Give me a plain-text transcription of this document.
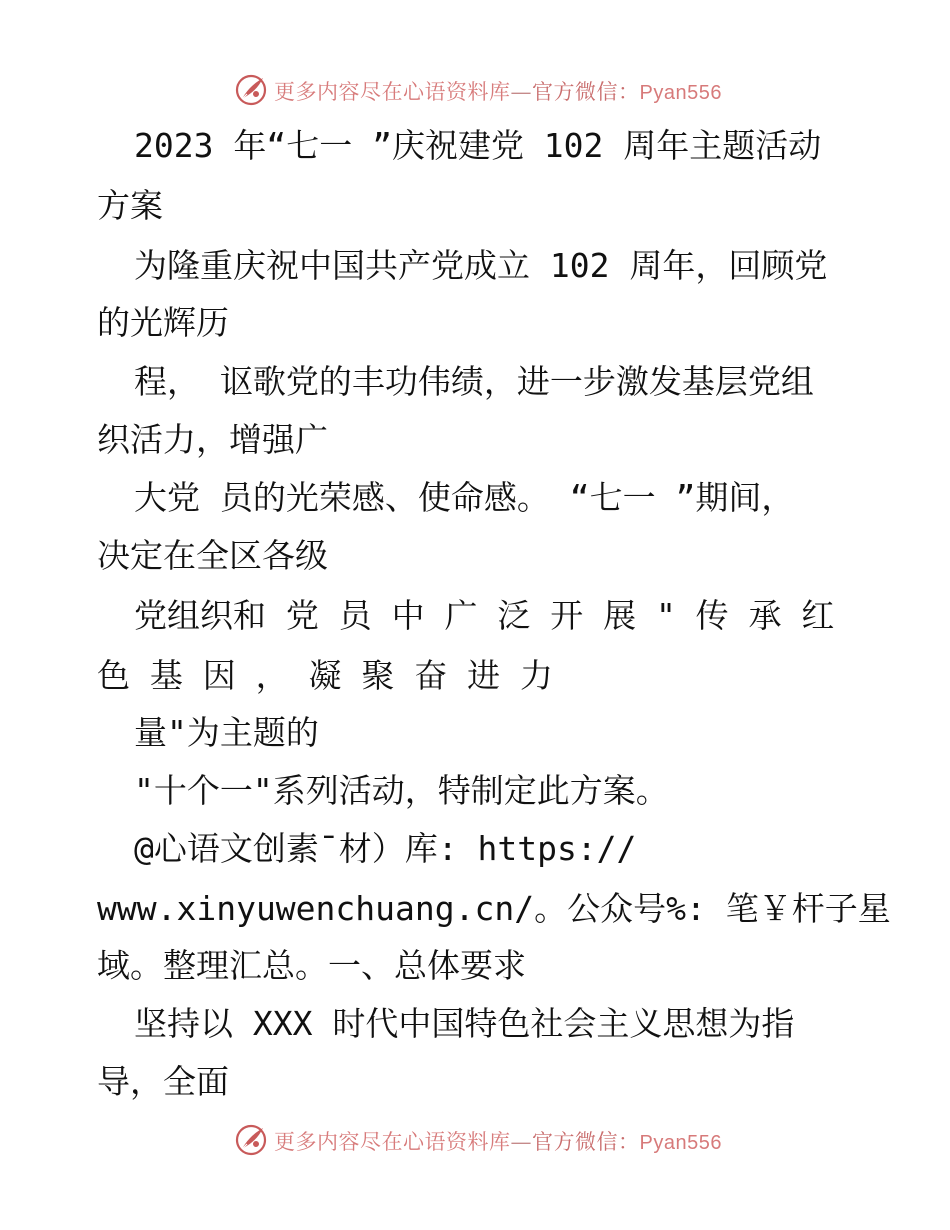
更多内容尽在心语资料库—官方微信：Pyan556
2023 年“七一 ”庆祝建党 102 周年主题活动
方案
为隆重庆祝中国共产党成立 102 周年，回顾党
的光辉历
程， 讴歌党的丰功伟绩，进一步激发基层党组
织活力，增强广
大党 员的光荣感、使命感。 “七一 ”期间，
决定在全区各级
党组织和 党 员 中 广 泛 开 展 " 传 承 红
色 基 因 ， 凝 聚 奋 进 力
量"为主题的
"十个一"系列活动，特制定此方案。
@心语文创素¯材）库: https://
www.xinyuwenchuang.cn/。公众号%: 笔￥杆子星
域。整理汇总。一、总体要求
坚持以 XXX 时代中国特色社会主义思想为指
导，全面
更多内容尽在心语资料库—官方微信：Pyan556
